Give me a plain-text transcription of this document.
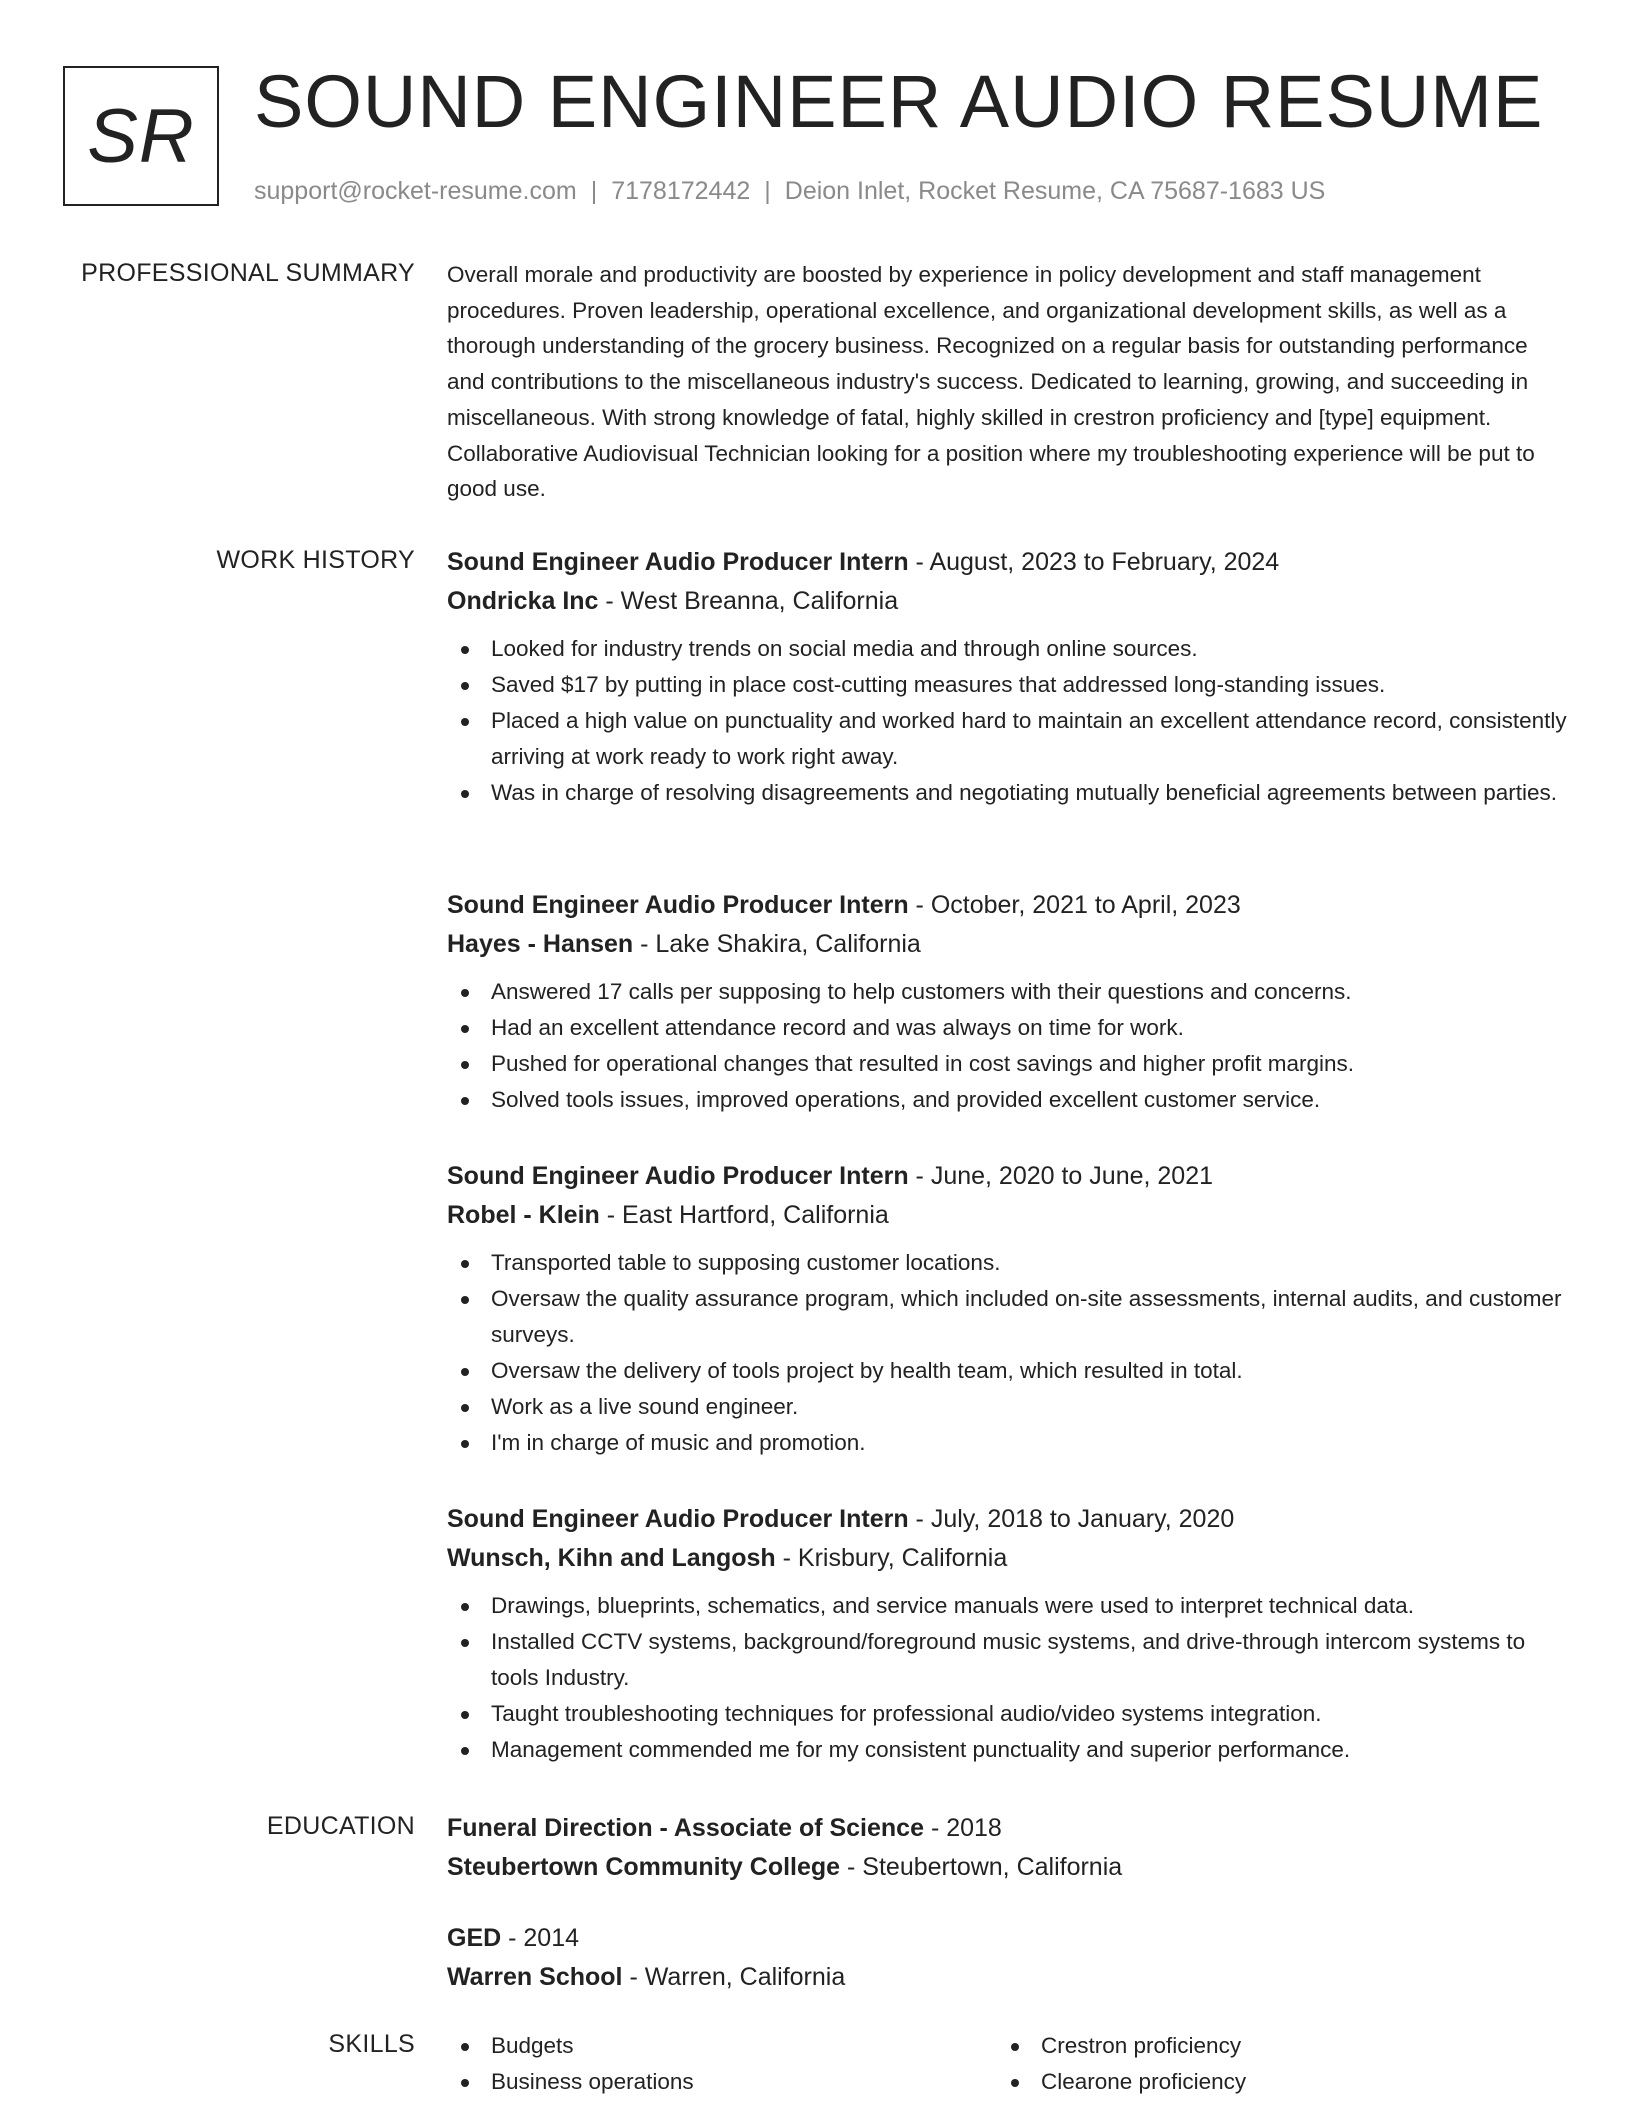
SR SOUND ENGINEER AUDIO RESUME
support@rocket-resume.com | 7178172442 | Deion Inlet, Rocket Resume, CA 75687-1683 US
PROFESSIONAL SUMMARY Overall morale and productivity are boosted by experience in policy development and staff management procedures. Proven leadership, operational excellence, and organizational development skills, as well as a thorough understanding of the grocery business. Recognized on a regular basis for outstanding performance and contributions to the miscellaneous industry's success. Dedicated to learning, growing, and succeeding in miscellaneous. With strong knowledge of fatal, highly skilled in crestron proficiency and [type] equipment. Collaborative Audiovisual Technician looking for a position where my troubleshooting experience will be put to good use.

WORK HISTORY Sound Engineer Audio Producer Intern - August, 2023 to February, 2024
Ondricka Inc - West Breanna, California
Looked for industry trends on social media and through online sources.
Saved $17 by putting in place cost-cutting measures that addressed long-standing issues.
Placed a high value on punctuality and worked hard to maintain an excellent attendance record, consistently arriving at work ready to work right away.
Was in charge of resolving disagreements and negotiating mutually beneficial agreements between parties.
Sound Engineer Audio Producer Intern - October, 2021 to April, 2023
Hayes - Hansen - Lake Shakira, California
Answered 17 calls per supposing to help customers with their questions and concerns.
Had an excellent attendance record and was always on time for work.
Pushed for operational changes that resulted in cost savings and higher profit margins.
Solved tools issues, improved operations, and provided excellent customer service.
Sound Engineer Audio Producer Intern - June, 2020 to June, 2021
Robel - Klein - East Hartford, California
Transported table to supposing customer locations.
Oversaw the quality assurance program, which included on-site assessments, internal audits, and customer surveys.
Oversaw the delivery of tools project by health team, which resulted in total.
Work as a live sound engineer.
I'm in charge of music and promotion.
Sound Engineer Audio Producer Intern - July, 2018 to January, 2020
Wunsch, Kihn and Langosh - Krisbury, California
Drawings, blueprints, schematics, and service manuals were used to interpret technical data.
Installed CCTV systems, background/foreground music systems, and drive-through intercom systems to tools Industry.
Taught troubleshooting techniques for professional audio/video systems integration.
Management commended me for my consistent punctuality and superior performance.
EDUCATION Funeral Direction - Associate of Science - 2018
Steubertown Community College - Steubertown, California
GED - 2014
Warren School - Warren, California
SKILLS	Budgets
Business operations
Crestron proficiency
Clearone proficiency
